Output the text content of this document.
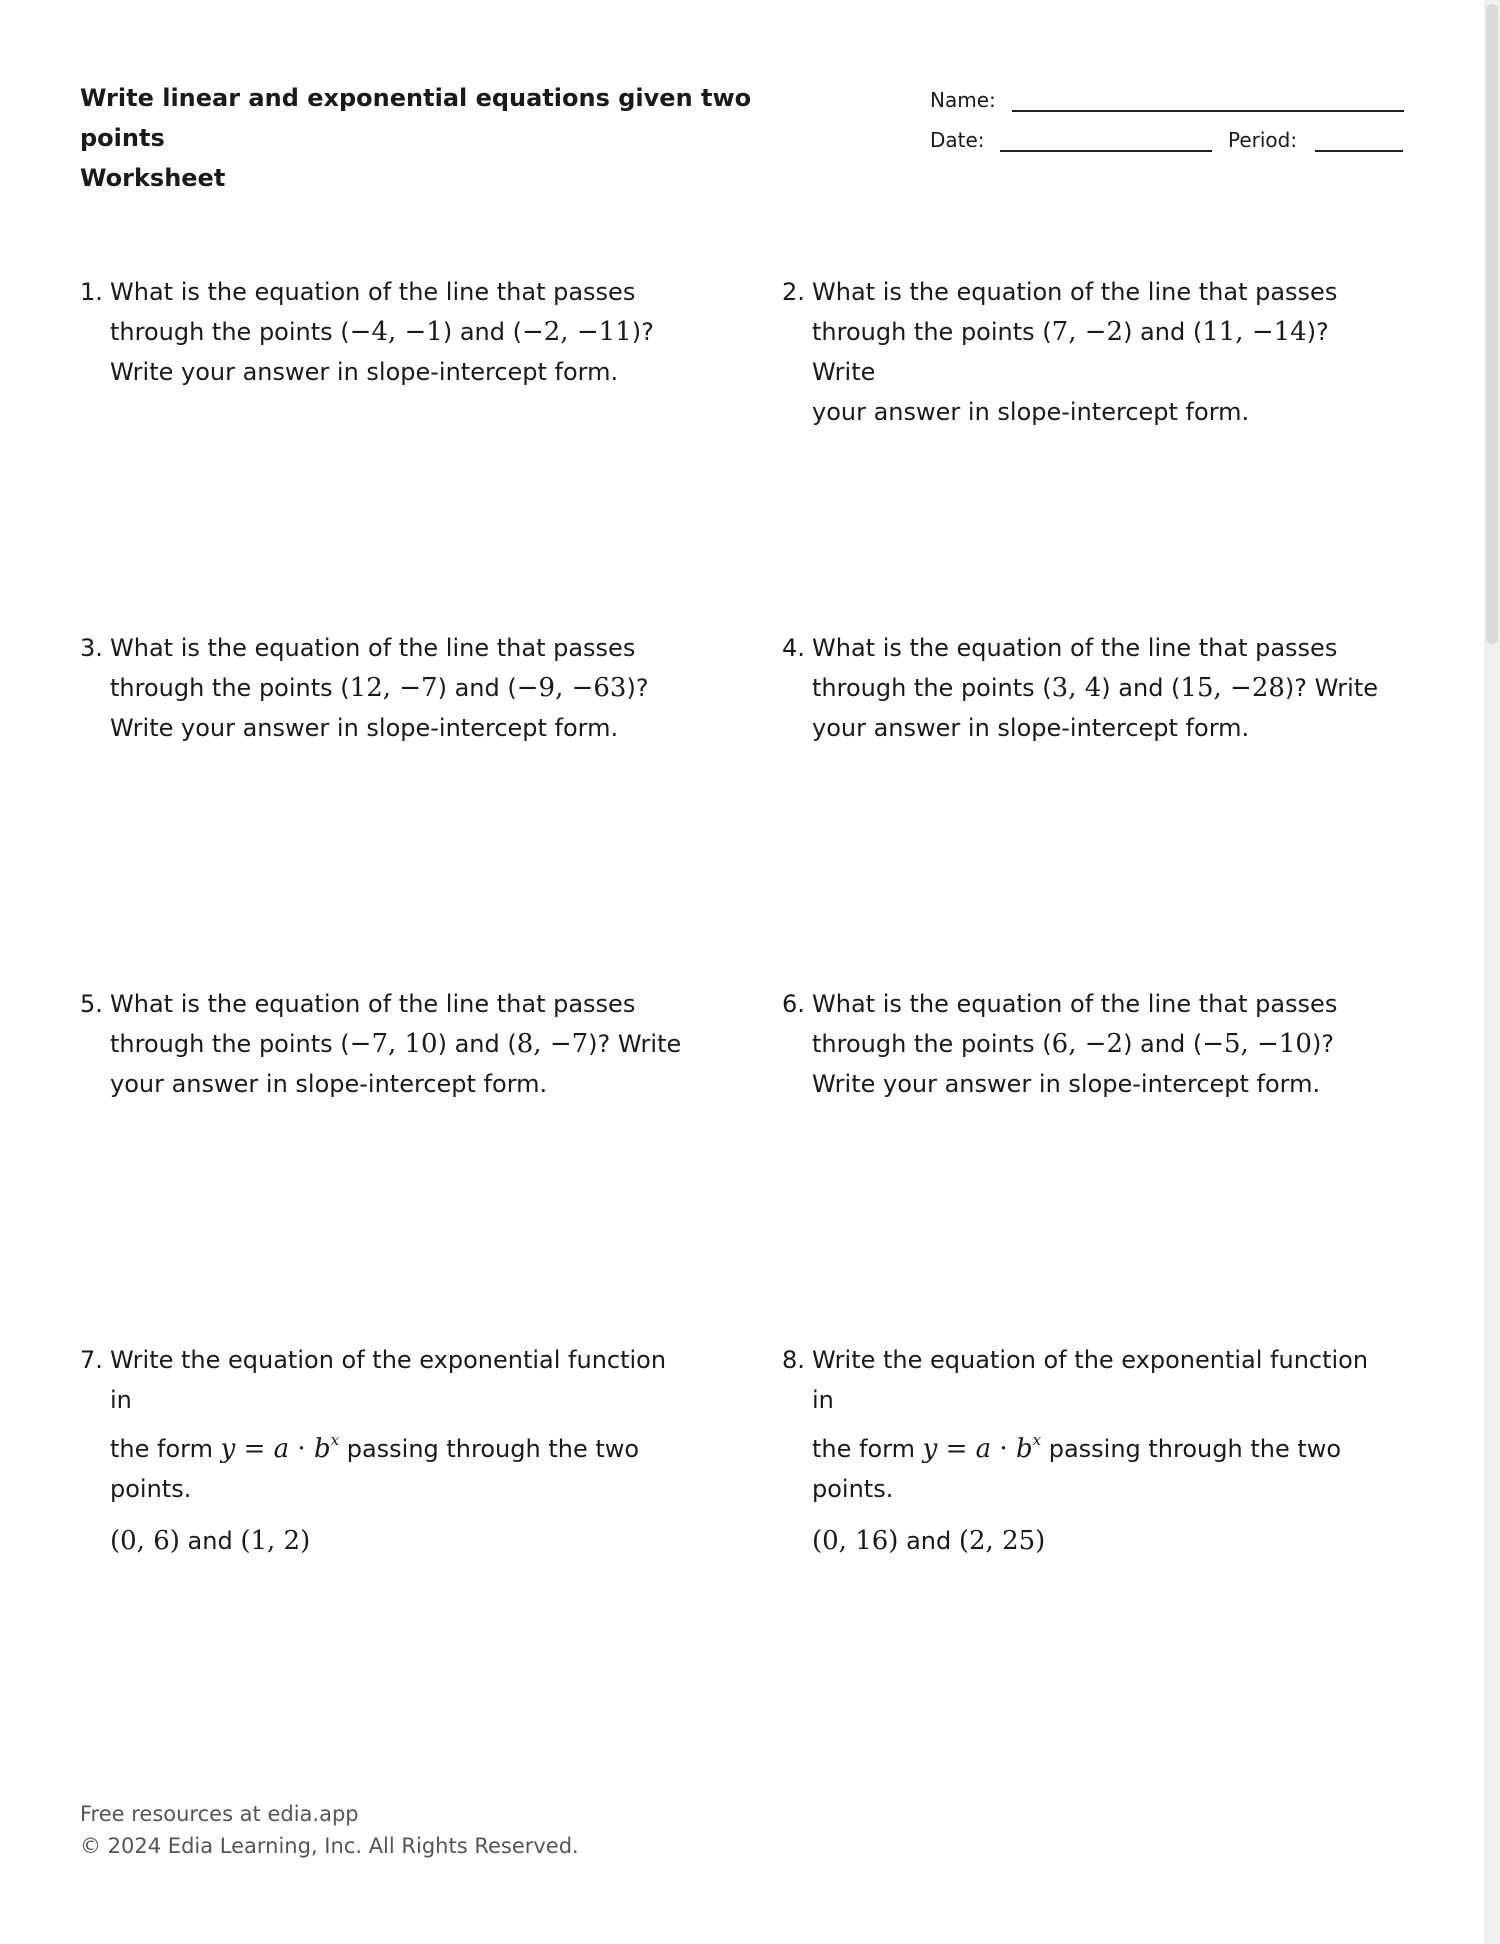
Write linear and exponential equations given two points

Worksheet

Name:
Date:	Period:
1. What is the equation of the line that passes
through the points (−4, −1) and (−2, −11)?
Write your answer in slope-intercept form.
2. What is the equation of the line that passes
through the points (7, −2) and (11, −14)? Write
your answer in slope-intercept form.
3. What is the equation of the line that passes
through the points (12, −7) and (−9, −63)?
Write your answer in slope-intercept form.
4. What is the equation of the line that passes
through the points (3, 4) and (15, −28)? Write
your answer in slope-intercept form.
5. What is the equation of the line that passes
through the points (−7, 10) and (8, −7)? Write
your answer in slope-intercept form.
6. What is the equation of the line that passes
through the points (6, −2) and (−5, −10)?
Write your answer in slope-intercept form.
7. Write the equation of the exponential function in
the form $y = a \cdot b^x$ passing through the two
points.
(0, 6) and (1, 2)
8. Write the equation of the exponential function in
the form $y = a \cdot b^x$ passing through the two
points.
(0, 16) and (2, 25)
Free resources at edia.app
© 2024 Edia Learning, Inc. All Rights Reserved.
